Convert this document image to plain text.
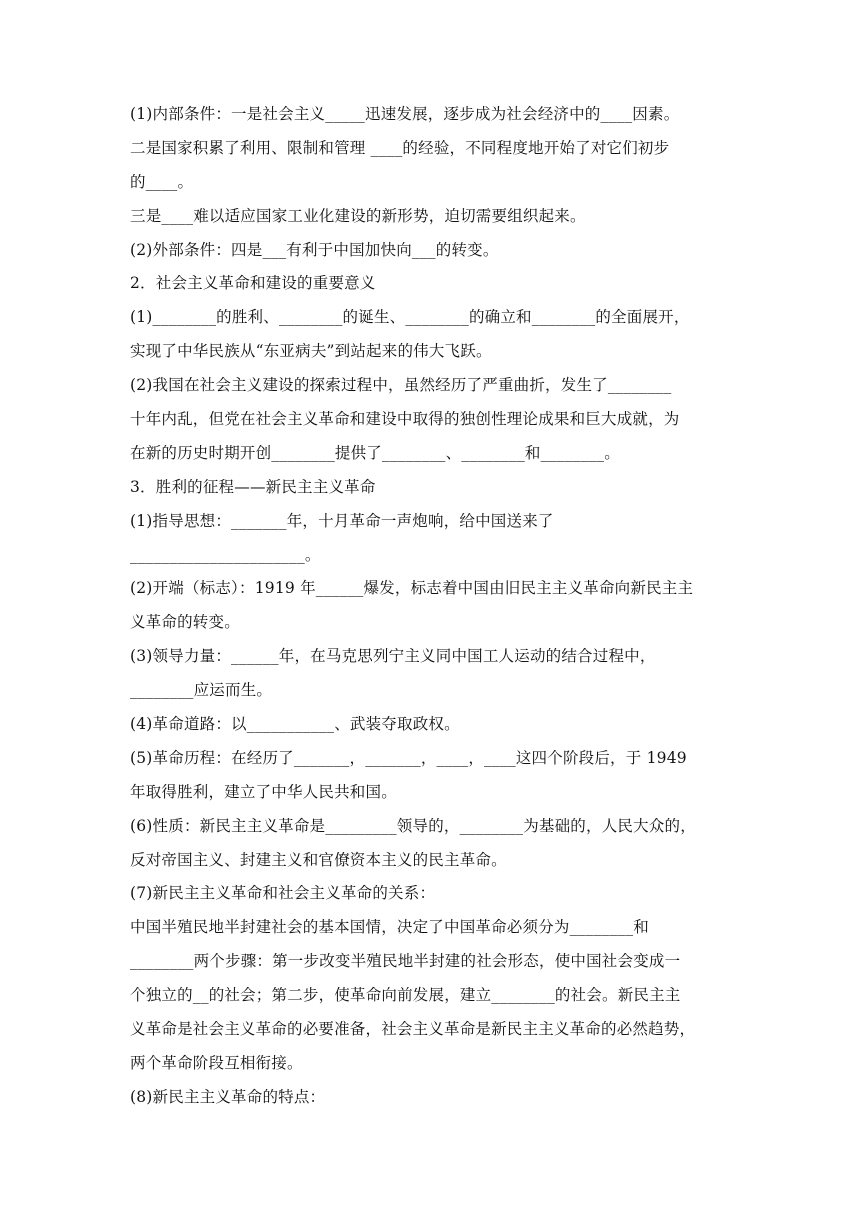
(1)内部条件：一是社会主义_____迅速发展，逐步成为社会经济中的____因素。
二是国家积累了利用、限制和管理 ____的经验，不同程度地开始了对它们初步
的____。
三是____难以适应国家工业化建设的新形势，迫切需要组织起来。
(2)外部条件：四是___有利于中国加快向___的转变。
2．社会主义革命和建设的重要意义
(1)________的胜利、________的诞生、________的确立和________的全面展开，
实现了中华民族从“东亚病夫”到站起来的伟大飞跃。
(2)我国在社会主义建设的探索过程中，虽然经历了严重曲折，发生了________
十年内乱，但党在社会主义革命和建设中取得的独创性理论成果和巨大成就，为
在新的历史时期开创________提供了________、________和________。
3．胜利的征程——新民主主义革命
(1)指导思想：_______年，十月革命一声炮响，给中国送来了
______________________。
(2)开端（标志）：1919 年______爆发，标志着中国由旧民主主义革命向新民主主
义革命的转变。
(3)领导力量：______年，在马克思列宁主义同中国工人运动的结合过程中，
________应运而生。
(4)革命道路：以___________、武装夺取政权。
(5)革命历程：在经历了_______，_______，____，____这四个阶段后，于 1949
年取得胜利，建立了中华人民共和国。
(6)性质：新民主主义革命是_________领导的，________为基础的，人民大众的，
反对帝国主义、封建主义和官僚资本主义的民主革命。
(7)新民主主义革命和社会主义革命的关系：
中国半殖民地半封建社会的基本国情，决定了中国革命必须分为________和
________两个步骤：第一步改变半殖民地半封建的社会形态，使中国社会变成一
个独立的__的社会；第二步，使革命向前发展，建立________的社会。新民主主
义革命是社会主义革命的必要准备，社会主义革命是新民主主义革命的必然趋势，
两个革命阶段互相衔接。
(8)新民主主义革命的特点：
